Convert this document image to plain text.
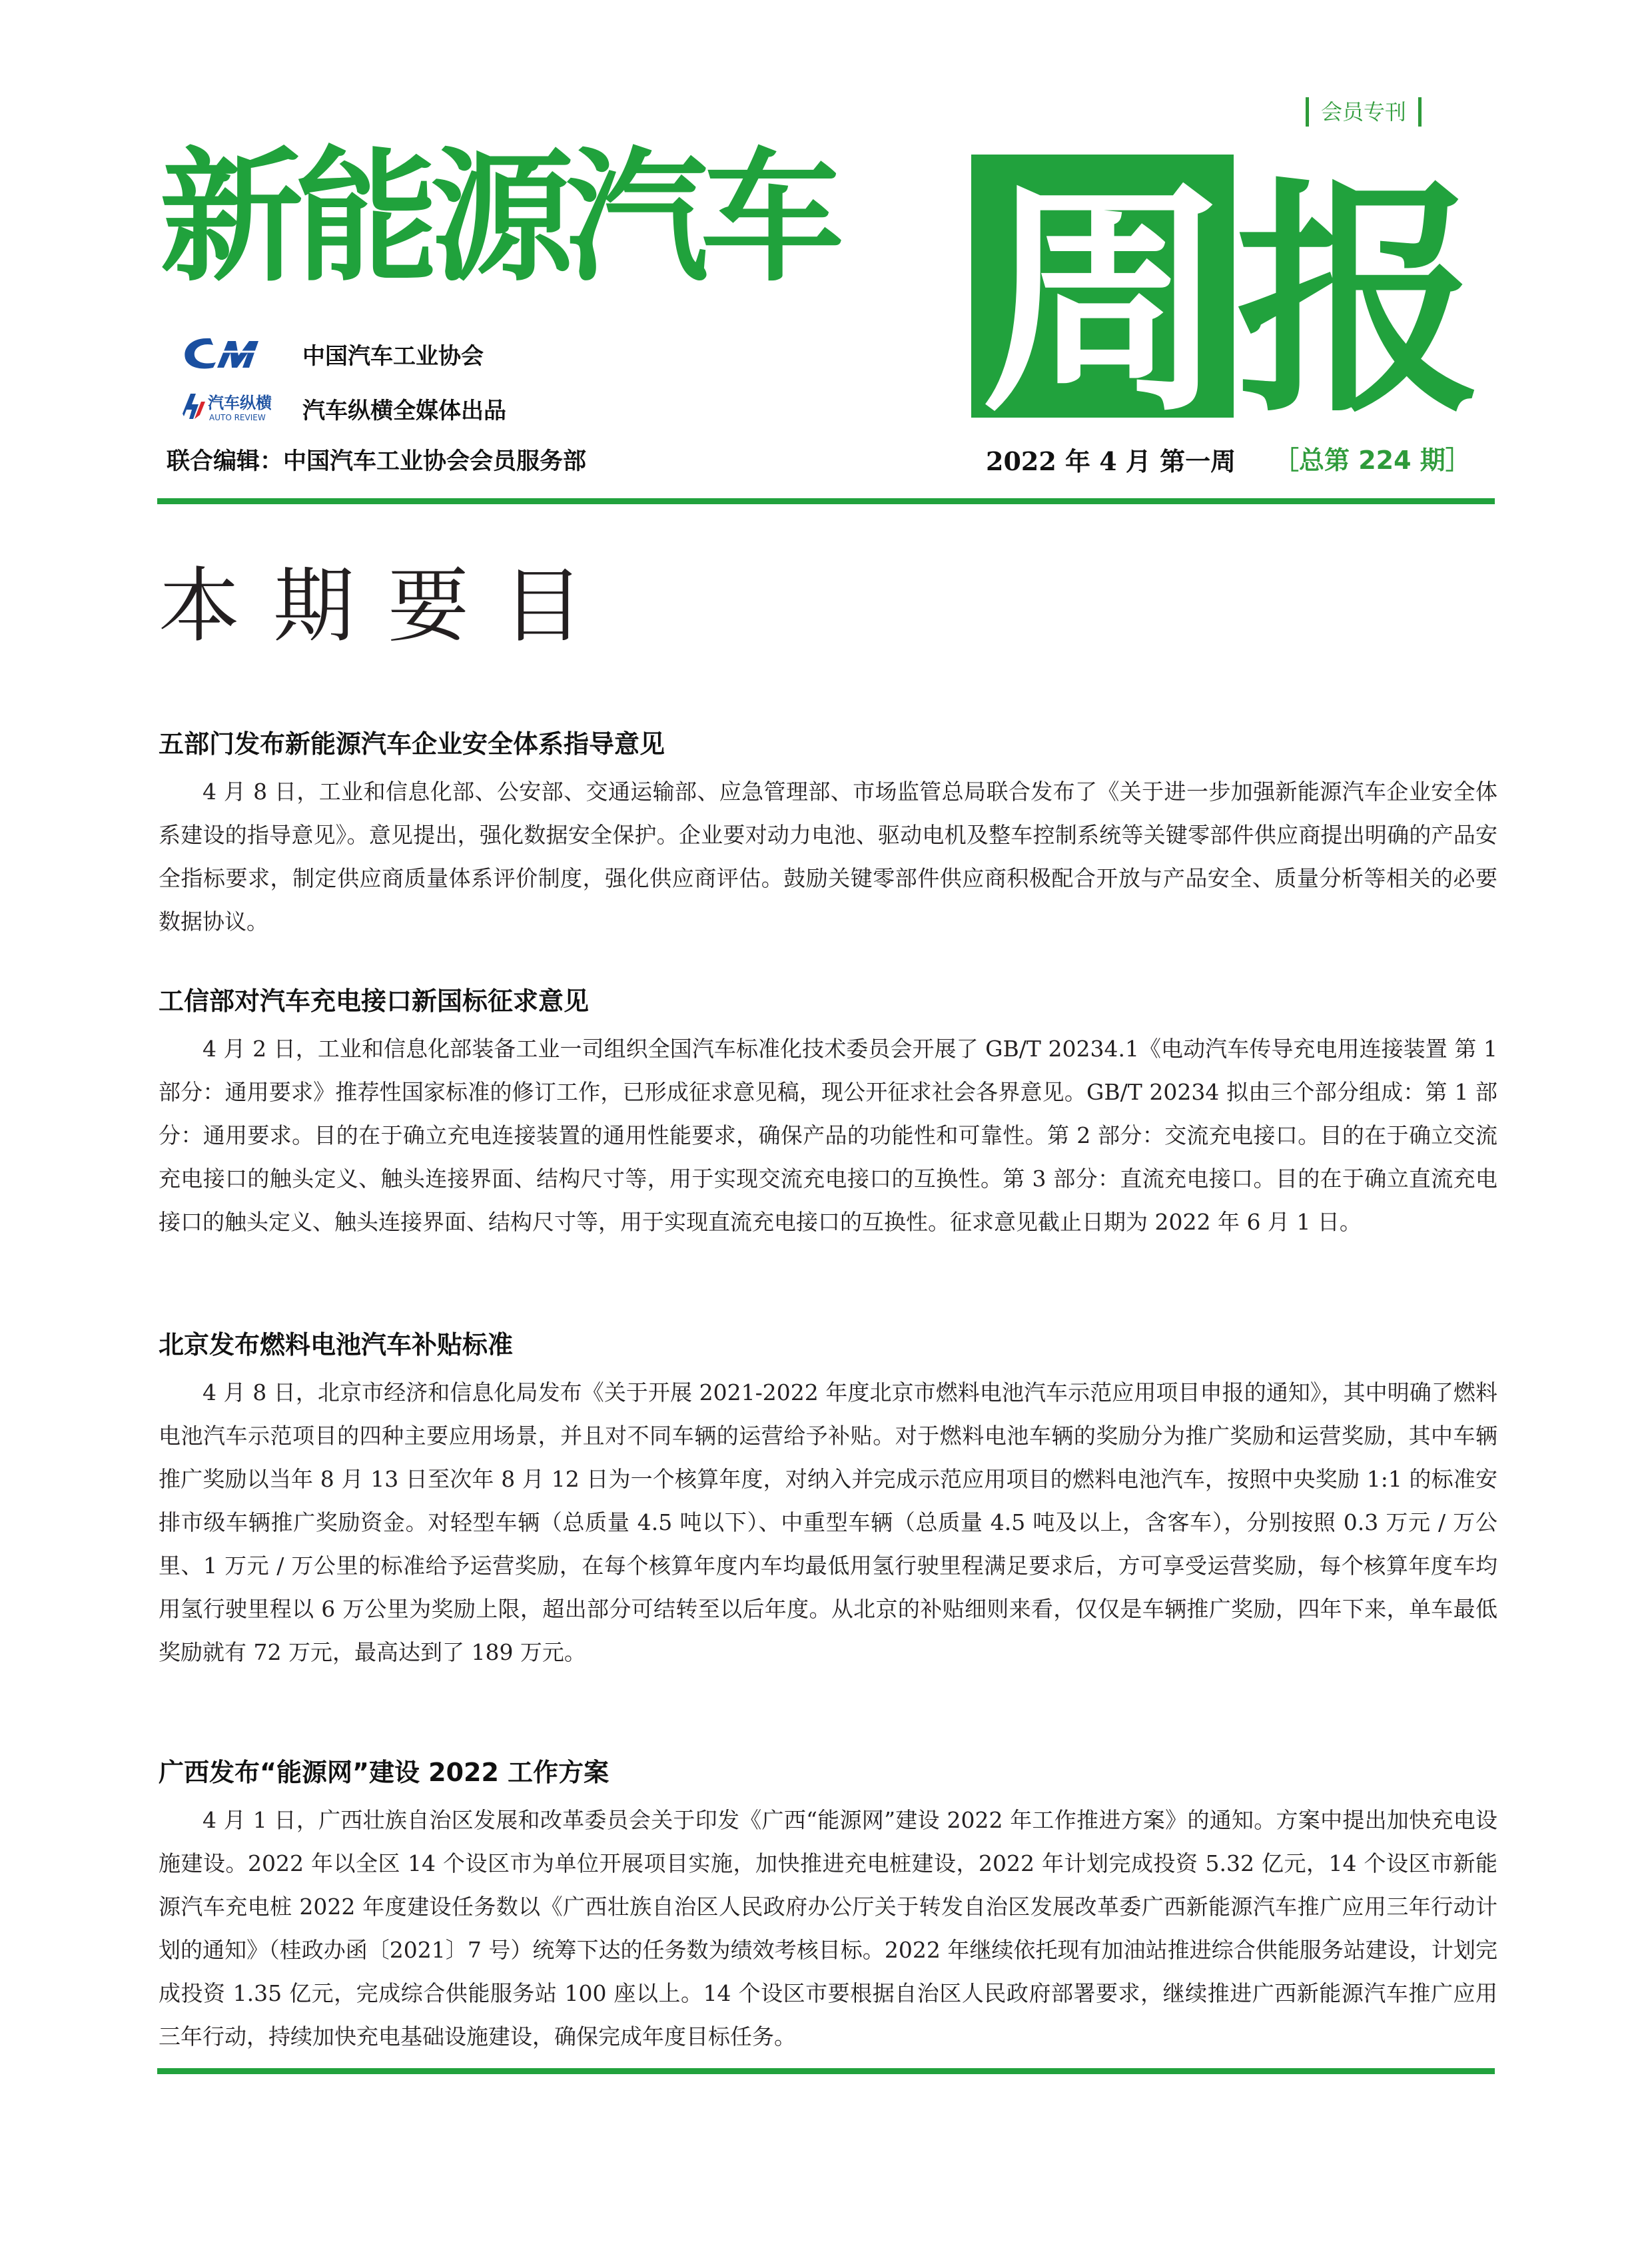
会员专刊
新能源汽车 周 报
中国汽车工业协会
汽车纵横
AUTO REVIEW 汽车纵横全媒体出品
联合编辑：中国汽车工业协会会员服务部	2022 年 4 月 第一周 ［总第 224 期］
本期要目
五部门发布新能源汽车企业安全体系指导意见

4 月 8 日，工业和信息化部、公安部、交通运输部、应急管理部、市场监管总局联合发布了《关于进一步加强新能源汽车企业安全体系建设的指导意见》。意见提出，强化数据安全保护。企业要对动力电池、驱动电机及整车控制系统等关键零部件供应商提出明确的产品安全指标要求，制定供应商质量体系评价制度，强化供应商评估。鼓励关键零部件供应商积极配合开放与产品安全、质量分析等相关的必要数据协议。

工信部对汽车充电接口新国标征求意见

4 月 2 日，工业和信息化部装备工业一司组织全国汽车标准化技术委员会开展了 GB/T 20234.1《电动汽车传导充电用连接装置 第 1 部分：通用要求》推荐性国家标准的修订工作，已形成征求意见稿，现公开征求社会各界意见。GB/T 20234 拟由三个部分组成：第 1 部分：通用要求。目的在于确立充电连接装置的通用性能要求，确保产品的功能性和可靠性。第 2 部分：交流充电接口。目的在于确立交流充电接口的触头定义、触头连接界面、结构尺寸等，用于实现交流充电接口的互换性。第 3 部分：直流充电接口。目的在于确立直流充电接口的触头定义、触头连接界面、结构尺寸等，用于实现直流充电接口的互换性。征求意见截止日期为 2022 年 6 月 1 日。

北京发布燃料电池汽车补贴标准

4 月 8 日，北京市经济和信息化局发布《关于开展 2021-2022 年度北京市燃料电池汽车示范应用项目申报的通知》，其中明确了燃料电池汽车示范项目的四种主要应用场景，并且对不同车辆的运营给予补贴。对于燃料电池车辆的奖励分为推广奖励和运营奖励，其中车辆推广奖励以当年 8 月 13 日至次年 8 月 12 日为一个核算年度，对纳入并完成示范应用项目的燃料电池汽车，按照中央奖励 1:1 的标准安排市级车辆推广奖励资金。对轻型车辆（总质量 4.5 吨以下）、中重型车辆（总质量 4.5 吨及以上，含客车），分别按照 0.3 万元 / 万公里、1 万元 / 万公里的标准给予运营奖励，在每个核算年度内车均最低用氢行驶里程满足要求后，方可享受运营奖励，每个核算年度车均用氢行驶里程以 6 万公里为奖励上限，超出部分可结转至以后年度。从北京的补贴细则来看，仅仅是车辆推广奖励，四年下来，单车最低奖励就有 72 万元，最高达到了 189 万元。

广西发布“能源网”建设 2022 工作方案

4 月 1 日，广西壮族自治区发展和改革委员会关于印发《广西“能源网”建设 2022 年工作推进方案》的通知。方案中提出加快充电设施建设。2022 年以全区 14 个设区市为单位开展项目实施，加快推进充电桩建设，2022 年计划完成投资 5.32 亿元，14 个设区市新能源汽车充电桩 2022 年度建设任务数以《广西壮族自治区人民政府办公厅关于转发自治区发展改革委广西新能源汽车推广应用三年行动计划的通知》（桂政办函〔2021〕7 号）统筹下达的任务数为绩效考核目标。2022 年继续依托现有加油站推进综合供能服务站建设，计划完成投资 1.35 亿元，完成综合供能服务站 100 座以上。14 个设区市要根据自治区人民政府部署要求，继续推进广西新能源汽车推广应用三年行动，持续加快充电基础设施建设，确保完成年度目标任务。
